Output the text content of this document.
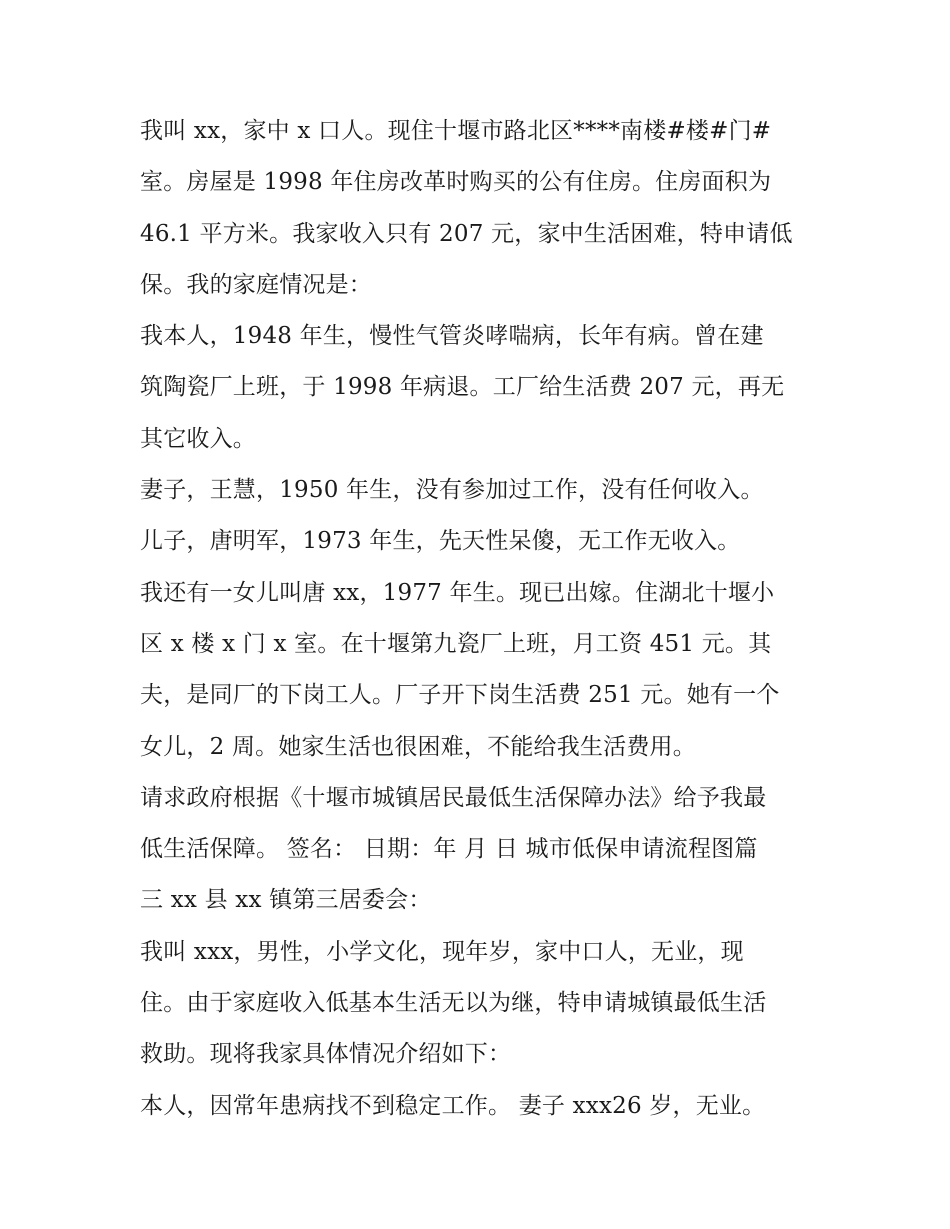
我叫 xx，家中 x 口人。现住十堰市路北区****南楼#楼#门#
室。房屋是 1998 年住房改革时购买的公有住房。住房面积为
46.1 平方米。我家收入只有 207 元，家中生活困难，特申请低
保。我的家庭情况是：
我本人，1948 年生，慢性气管炎哮喘病，长年有病。曾在建
筑陶瓷厂上班，于 1998 年病退。工厂给生活费 207 元，再无
其它收入。
妻子，王慧，1950 年生，没有参加过工作，没有任何收入。
儿子，唐明军，1973 年生，先天性呆傻，无工作无收入。
我还有一女儿叫唐 xx，1977 年生。现已出嫁。住湖北十堰小
区 x 楼 x 门 x 室。在十堰第九瓷厂上班，月工资 451 元。其
夫，是同厂的下岗工人。厂子开下岗生活费 251 元。她有一个
女儿，2 周。她家生活也很困难，不能给我生活费用。
请求政府根据《十堰市城镇居民最低生活保障办法》给予我最
低生活保障。 签名： 日期：年 月 日 城市低保申请流程图篇
三 xx 县 xx 镇第三居委会：
我叫 xxx，男性，小学文化，现年岁，家中口人，无业，现
住。由于家庭收入低基本生活无以为继，特申请城镇最低生活
救助。现将我家具体情况介绍如下：
本人，因常年患病找不到稳定工作。 妻子 xxx26 岁，无业。
